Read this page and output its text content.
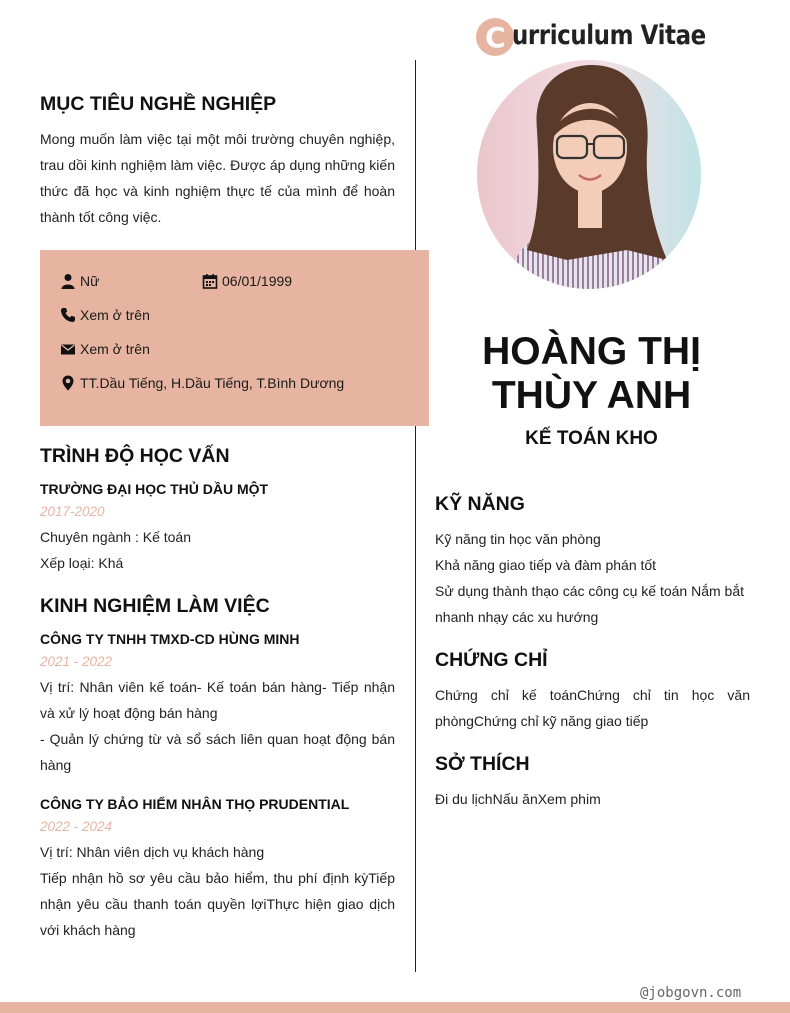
C urriculum Vitae
MỤC TIÊU NGHỀ NGHIỆP

Mong muốn làm việc tại một môi trường chuyên nghiệp, trau dồi kinh nghiệm làm việc. Được áp dụng những kiến thức đã học và kinh nghiệm thực tế của mình để hoàn thành tốt công việc.

Nữ	06/01/1999
Xem ở trên
Xem ở trên
TT.Dầu Tiếng, H.Dầu Tiếng, T.Bình Dương
TRÌNH ĐỘ HỌC VẤN
TRƯỜNG ĐẠI HỌC THỦ DẦU MỘT
2017-2020
Chuyên ngành : Kế toán
Xếp loại: Khá
KINH NGHIỆM LÀM VIỆC
CÔNG TY TNHH TMXD-CD HÙNG MINH
2021 - 2022

Vị trí: Nhân viên kế toán- Kế toán bán hàng- Tiếp nhận và xử lý hoạt động bán hàng

- Quản lý chứng từ và sổ sách liên quan hoạt động bán hàng

CÔNG TY BẢO HIỂM NHÂN THỌ PRUDENTIAL
2022 - 2024

Vị trí: Nhân viên dịch vụ khách hàng

Tiếp nhận hồ sơ yêu cầu bảo hiểm, thu phí định kỳTiếp nhận yêu cầu thanh toán quyền lợiThực hiện giao dịch với khách hàng

HOÀNG THỊ
THÙY ANH
KẾ TOÁN KHO
KỸ NĂNG
Kỹ năng tin học văn phòng
Khả năng giao tiếp và đàm phán tốt

Sử dụng thành thạo các công cụ kế toán Nắm bắt nhanh nhạy các xu hướng

CHỨNG CHỈ

Chứng chỉ kế toánChứng chỉ tin học văn phòngChứng chỉ kỹ năng giao tiếp

SỞ THÍCH
Đi du lịchNấu ănXem phim
@jobgovn.com
